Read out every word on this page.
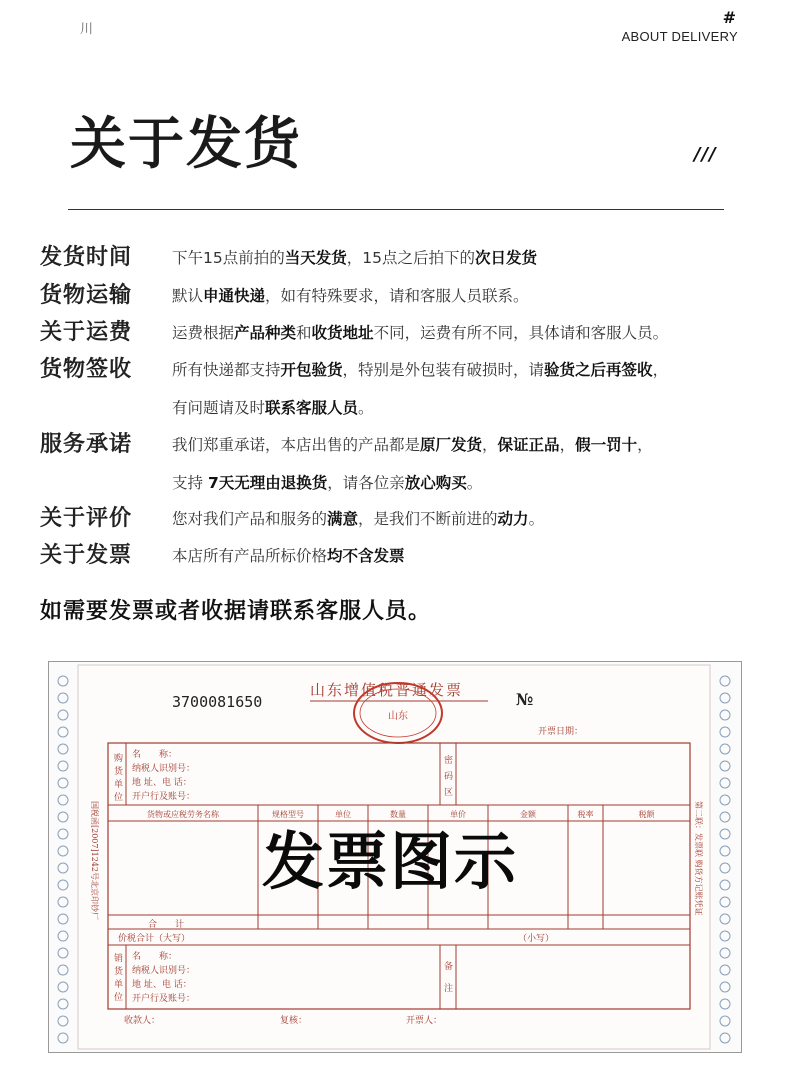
川
#
ABOUT DELIVERY
关于发货	///
发货时间	下午15点前拍的当天发货，15点之后拍下的次日发货
货物运输	默认申通快递，如有特殊要求，请和客服人员联系。
关于运费	运费根据产品种类和收货地址不同，运费有所不同，具体请和客服人员。
货物签收	所有快递都支持开包验货，特别是外包装有破损时，请验货之后再签收，
有问题请及时联系客服人员。
服务承诺	我们郑重承诺，本店出售的产品都是原厂发货，保证正品，假一罚十，
支持 7天无理由退换货，请各位亲放心购买。
关于评价	您对我们产品和服务的满意，是我们不断前进的动力。
关于发票	本店所有产品所标价格均不含发票
如需要发票或者收据请联系客服人员。
3700081650
山东增值税普通发票	№
开票日期：
山东
购
货
单
位
名　　称：
纳税人识别号：
地 址、电 话：
开户行及账号：
密
码
区
货物或应税劳务名称	规格型号	单位	数量	单价	金额	税率	税额
合　　计
价税合计（大写）	（小写）
销
货
单
位
名　　称：
纳税人识别号：
地 址、电 话：
开户行及账号：
备
注
收款人：	复核：	开票人：
国税函[2007]1242号北京印钞厂	第二联：发票联 购货方记账凭证
发票图示
